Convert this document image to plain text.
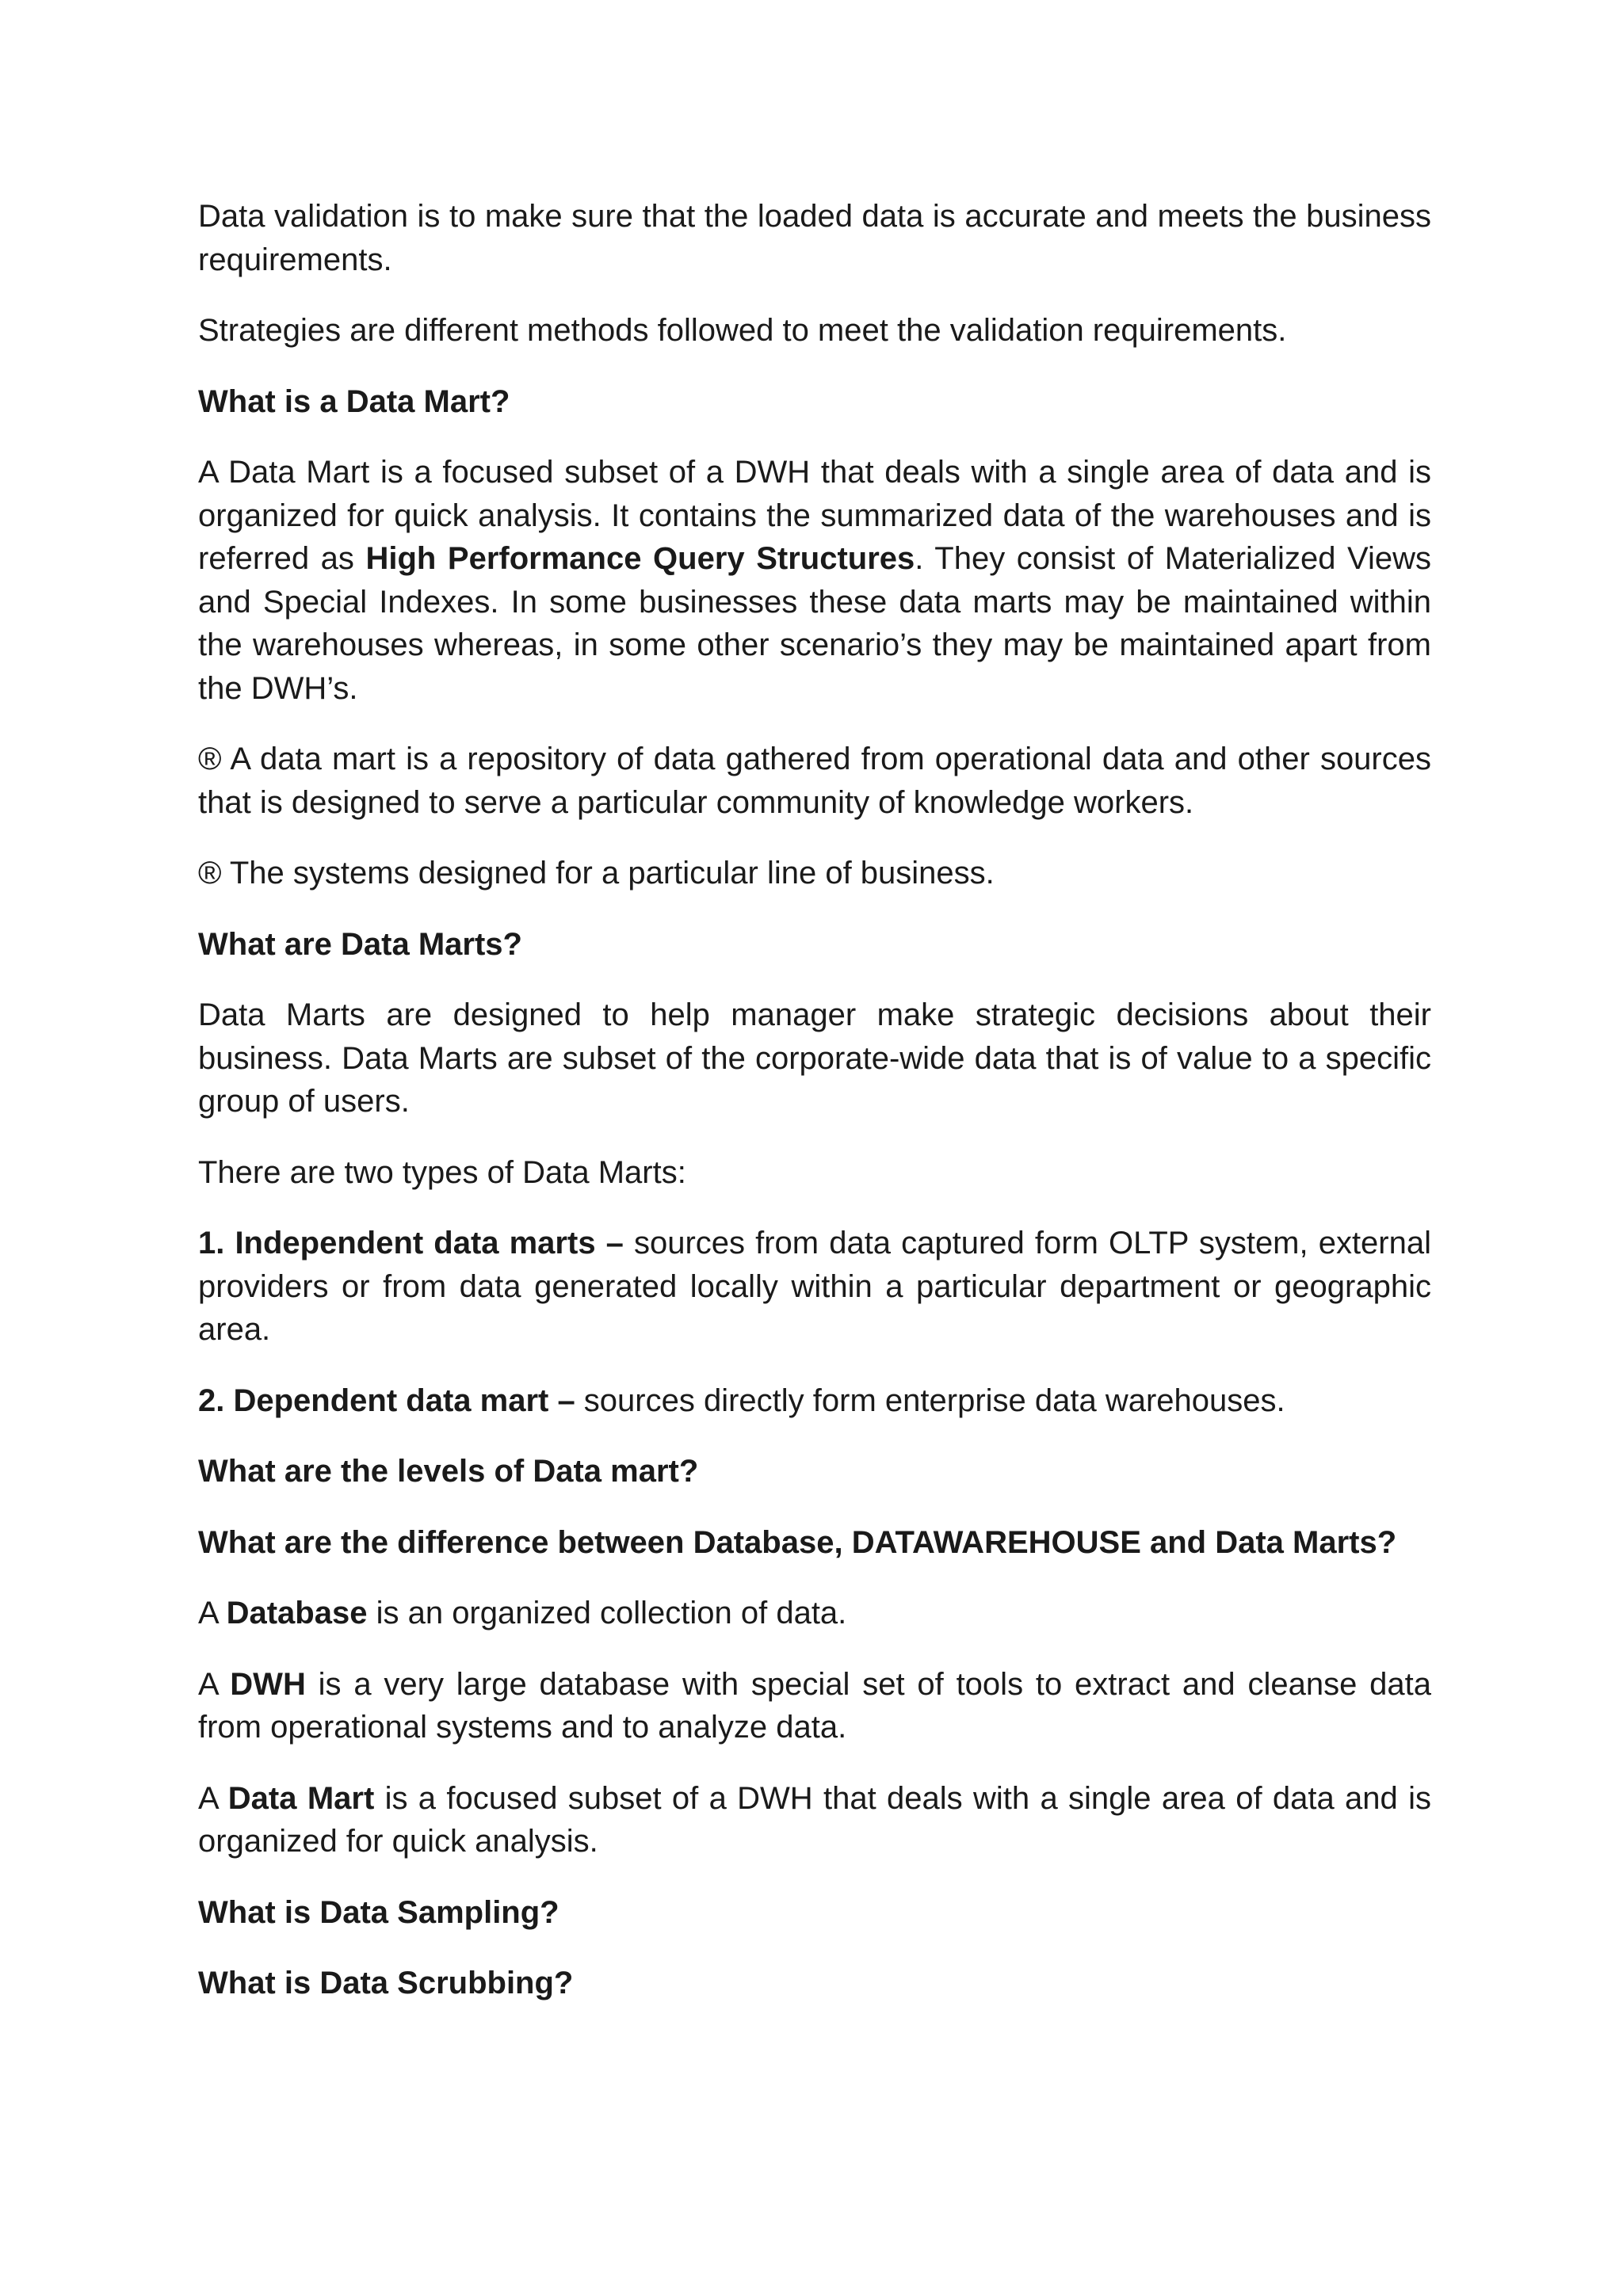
Data validation is to make sure that the loaded data is accurate and meets the business requirements.

Strategies are different methods followed to meet the validation requirements.

What is a Data Mart?

A Data Mart is a focused subset of a DWH that deals with a single area of data and is organized for quick analysis. It contains the summarized data of the warehouses and is referred as High Performance Query Structures. They consist of Materialized Views and Special Indexes. In some businesses these data marts may be maintained within the warehouses whereas, in some other scenario’s they may be maintained apart from the DWH’s.

® A data mart is a repository of data gathered from operational data and other sources that is designed to serve a particular community of knowledge workers.

® The systems designed for a particular line of business.

What are Data Marts?

Data Marts are designed to help manager make strategic decisions about their business. Data Marts are subset of the corporate-wide data that is of value to a specific group of users.

There are two types of Data Marts:

1. Independent data marts – sources from data captured form OLTP system, external providers or from data generated locally within a particular department or geographic area.

2. Dependent data mart – sources directly form enterprise data warehouses.

What are the levels of Data mart?

What are the difference between Database, DATAWAREHOUSE and Data Marts?

A Database is an organized collection of data.

A DWH is a very large database with special set of tools to extract and cleanse data from operational systems and to analyze data.

A Data Mart is a focused subset of a DWH that deals with a single area of data and is organized for quick analysis.

What is Data Sampling?

What is Data Scrubbing?
